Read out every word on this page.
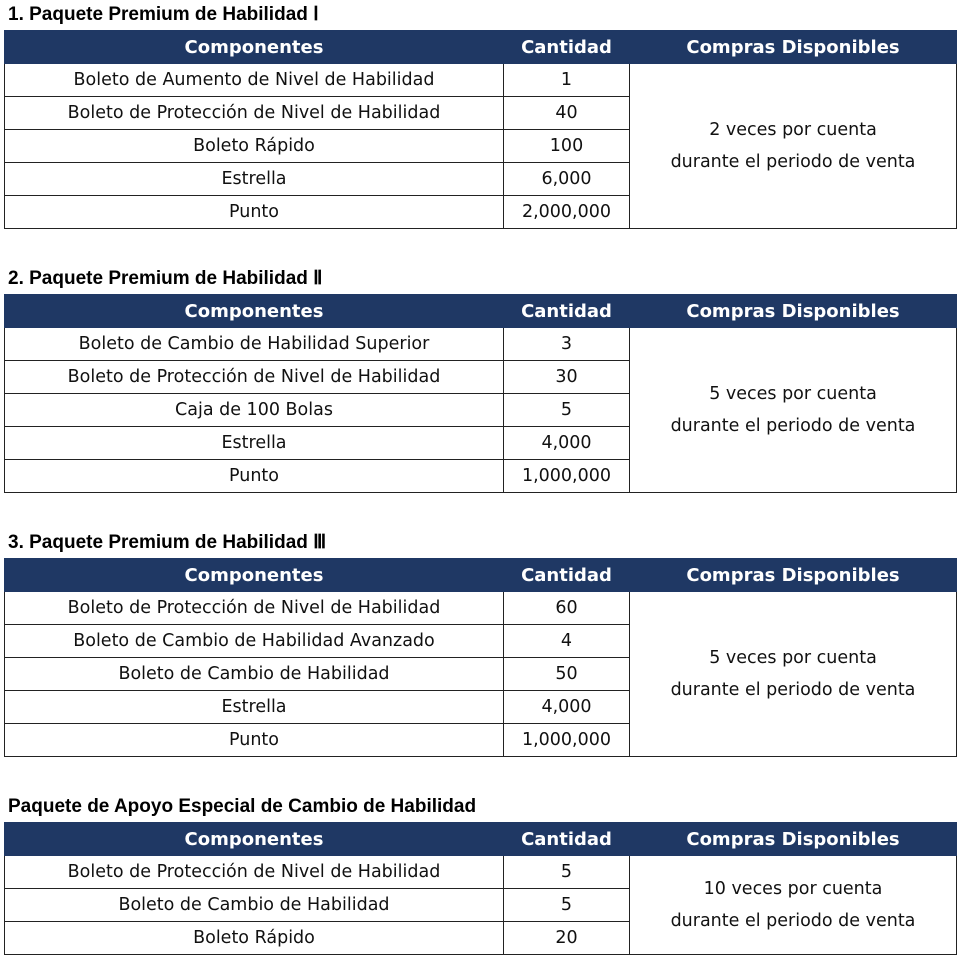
1. Paquete Premium de Habilidad Ⅰ
Componentes	Cantidad	Compras Disponibles
Boleto de Aumento de Nivel de Habilidad	1	2 veces por cuenta
durante el periodo de venta

Boleto de Protección de Nivel de Habilidad	40	
Boleto Rápido	100	
Estrella	6,000	
Punto	2,000,000	
2. Paquete Premium de Habilidad Ⅱ
Componentes	Cantidad	Compras Disponibles
Boleto de Cambio de Habilidad Superior	3	5 veces por cuenta
durante el periodo de venta

Boleto de Protección de Nivel de Habilidad	30	
Caja de 100 Bolas	5	
Estrella	4,000	
Punto	1,000,000	
3. Paquete Premium de Habilidad Ⅲ
Componentes	Cantidad	Compras Disponibles
Boleto de Protección de Nivel de Habilidad	60	5 veces por cuenta
durante el periodo de venta

Boleto de Cambio de Habilidad Avanzado	4	
Boleto de Cambio de Habilidad	50	
Estrella	4,000	
Punto	1,000,000	
Paquete de Apoyo Especial de Cambio de Habilidad
Componentes	Cantidad	Compras Disponibles
Boleto de Protección de Nivel de Habilidad	5	10 veces por cuenta
durante el periodo de venta

Boleto de Cambio de Habilidad	5	
Boleto Rápido	20	
